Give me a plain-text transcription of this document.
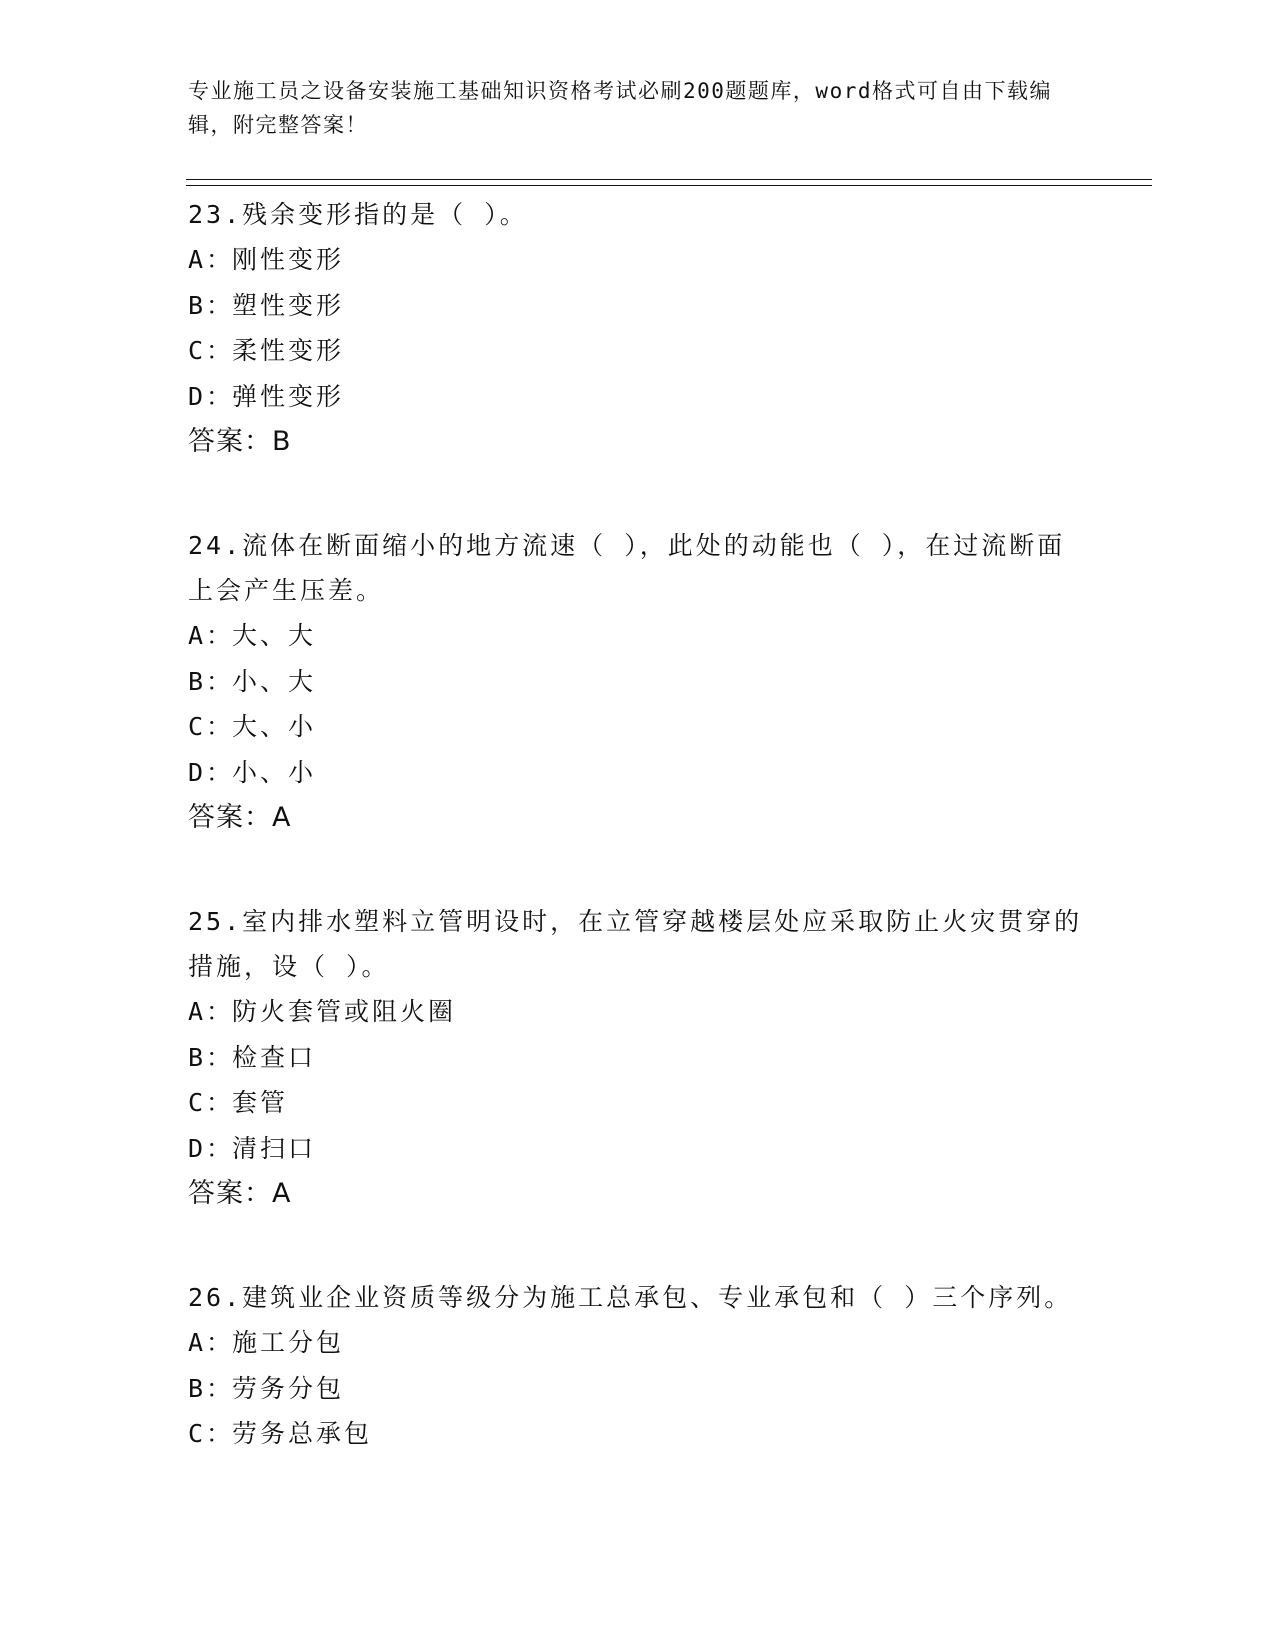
专业施工员之设备安装施工基础知识资格考试必刷200题题库，word格式可自由下载编辑，附完整答案！
23.残余变形指的是（ ）。
A：刚性变形
B：塑性变形
C：柔性变形
D：弹性变形
答案：B
24.流体在断面缩小的地方流速（ ），此处的动能也（ ），在过流断面上会产生压差。
A：大、大
B：小、大
C：大、小
D：小、小
答案：A
25.室内排水塑料立管明设时，在立管穿越楼层处应采取防止火灾贯穿的措施，设（ ）。
A：防火套管或阻火圈
B：检查口
C：套管
D：清扫口
答案：A
26.建筑业企业资质等级分为施工总承包、专业承包和（ ）三个序列。
A：施工分包
B：劳务分包
C：劳务总承包
